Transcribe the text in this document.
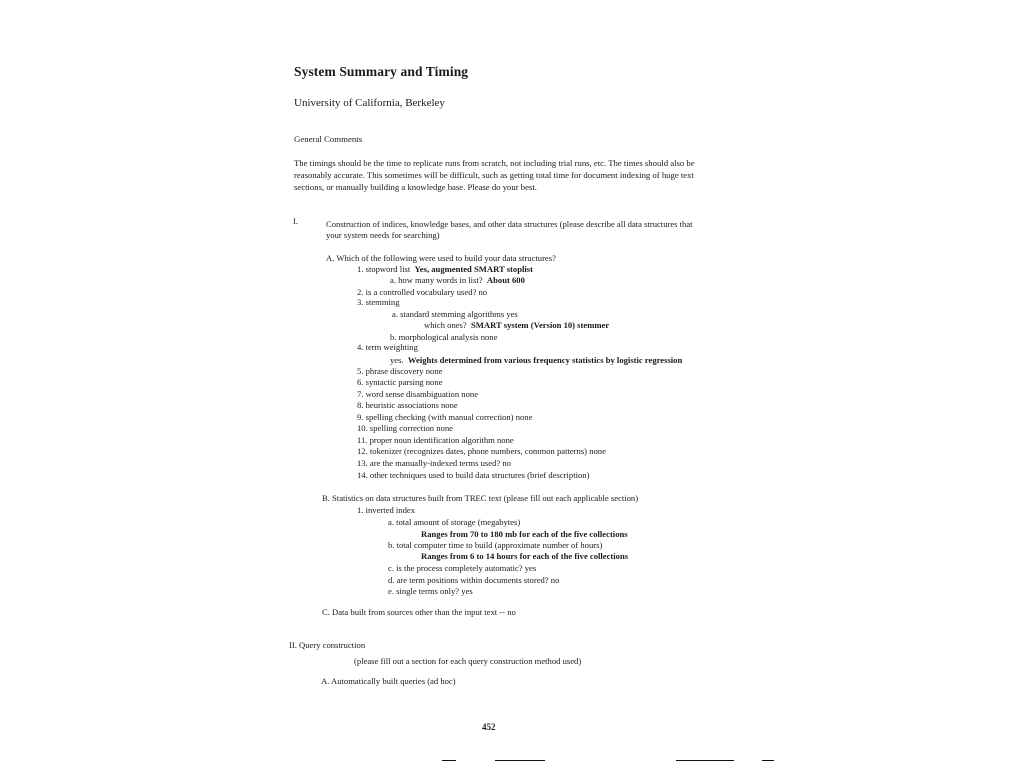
System Summary and Timing
University of California, Berkeley
General Comments
The timings should be the time to replicate runs from scratch, not including trial runs, etc. The times should also be reasonably accurate. This sometimes will be difficult, such as getting total time for document indexing of huge text sections, or manually building a knowledge base. Please do your best.
I.	Construction of indices, knowledge bases, and other data structures (please describe all data structures that
your system needs for searching)
A. Which of the following were used to build your data structures?
1. stopword list Yes, augmented SMART stoplist
a. how many words in list? About 600
2. is a controlled vocabulary used? no
3. stemming
a. standard stemming algorithms yes
which ones? SMART system (Version 10) stemmer
b. morphological analysis none
4. term weighting
yes. Weights determined from various frequency statistics by logistic regression
5. phrase discovery none
6. syntactic parsing none
7. word sense disambiguation none
8. heuristic associations none
9. spelling checking (with manual correction) none
10. spelling correction none
11. proper noun identification algorithm none
12. tokenizer (recognizes dates, phone numbers, common patterns) none
13. are the manually-indexed terms used? no
14. other techniques used to build data structures (brief description)
B. Statistics on data structures built from TREC text (please fill out each applicable section)
1. inverted index
a. total amount of storage (megabytes)
Ranges from 70 to 180 mb for each of the five collections
b. total computer time to build (approximate number of hours)
Ranges from 6 to 14 hours for each of the five collections
c. is the process completely automatic? yes
d. are term positions within documents stored? no
e. single terms only? yes
C. Data built from sources other than the input text -- no
II. Query construction
(please fill out a section for each query construction method used)
A. Automatically built queries (ad hoc)
452
